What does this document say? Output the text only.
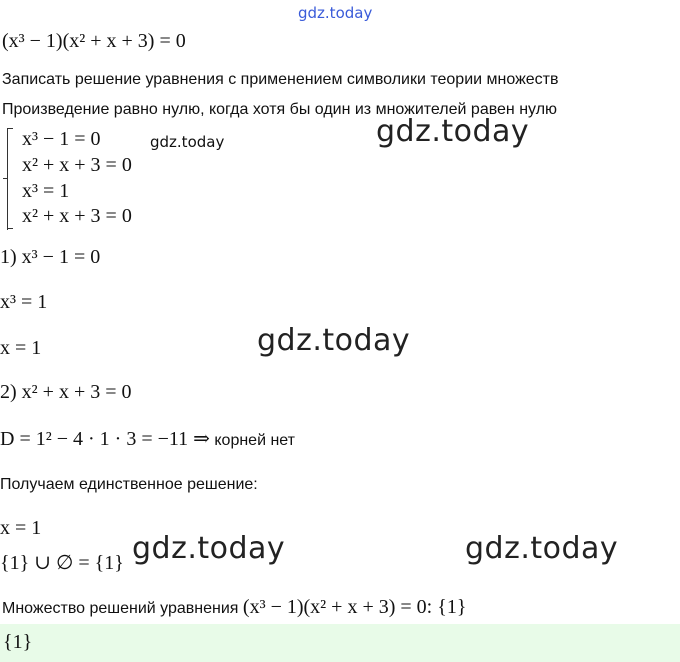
gdz.today
(x³ − 1)(x² + x + 3) = 0
Записать решение уравнения с применением символики теории множеств
Произведение равно нулю, когда хотя бы один из множителей равен нулю
x³ − 1 = 0	gdz.today
x² + x + 3 = 0
x³ = 1
x² + x + 3 = 0
gdz.today
1) x³ − 1 = 0
x³ = 1
x = 1	gdz.today
2) x² + x + 3 = 0
D = 1² − 4 · 1 · 3 = −11 ⇒ корней нет
Получаем единственное решение:
x = 1
{1} ∪ ∅ = {1} gdz.today	gdz.today
Множество решений уравнения (x³ − 1)(x² + x + 3) = 0: {1}
{1}
